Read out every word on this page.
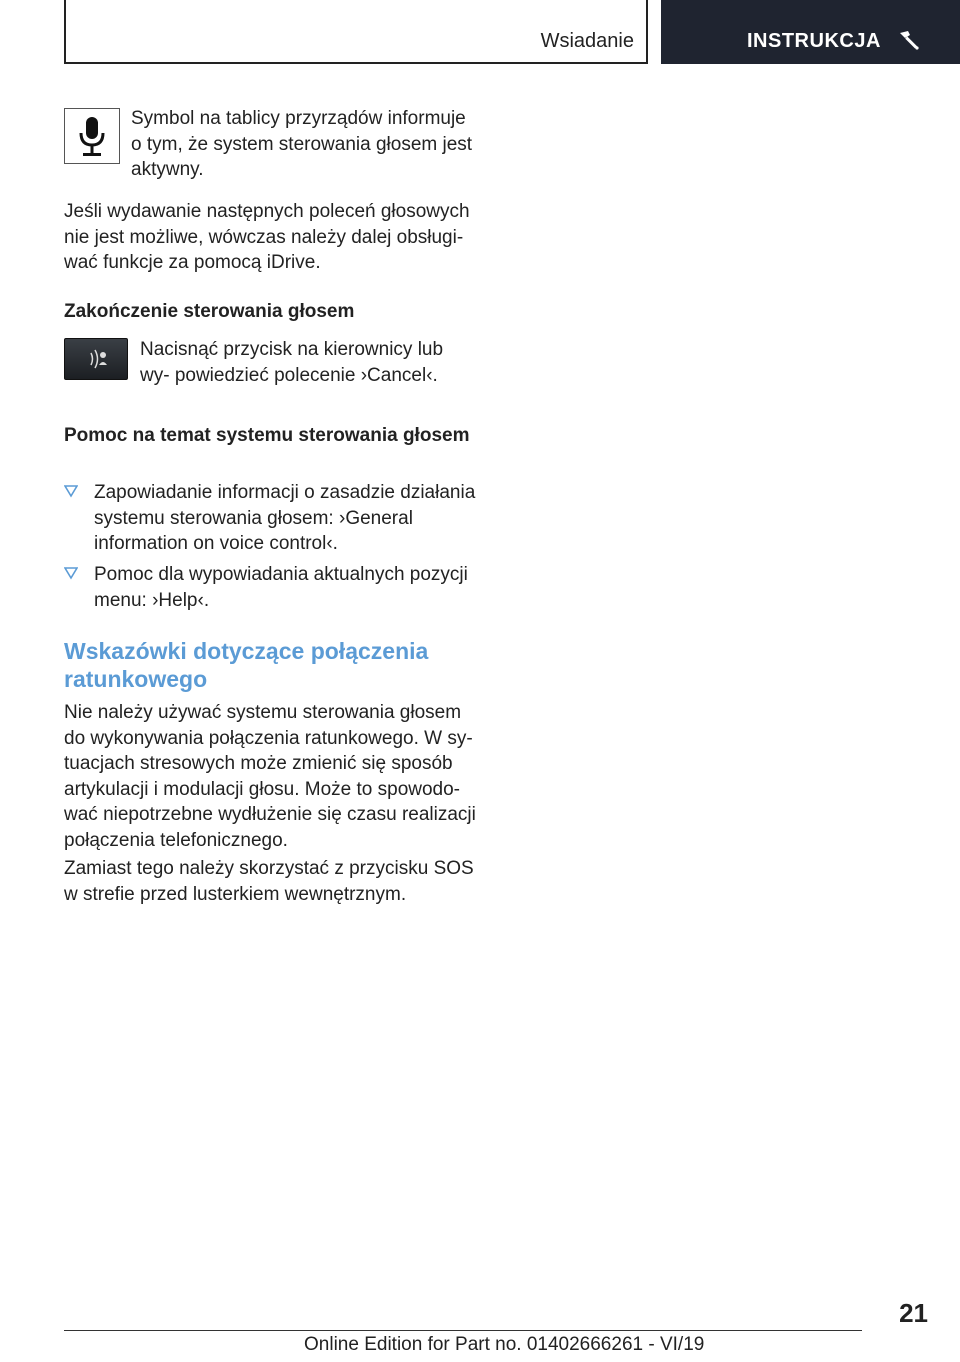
Wsiadanie	INSTRUKCJA

Symbol na tablicy przyrządów informuje o tym, że system sterowania głosem jest aktywny.

Jeśli wydawanie następnych poleceń głosowych nie jest możliwe, wówczas należy dalej obsługi- wać funkcje za pomocą iDrive.

Zakończenie sterowania głosem

Nacisnąć przycisk na kierownicy lub wy- powiedzieć polecenie ›Cancel‹.

Pomoc na temat systemu sterowania głosem

Zapowiadanie informacji o zasadzie działania systemu sterowania głosem: ›General information on voice control‹.

Pomoc dla wypowiadania aktualnych pozycji menu: ›Help‹.

Wskazówki dotyczące połączenia ratunkowego

Nie należy używać systemu sterowania głosem do wykonywania połączenia ratunkowego. W sy- tuacjach stresowych może zmienić się sposób artykulacji i modulacji głosu. Może to spowodo- wać niepotrzebne wydłużenie się czasu realizacji połączenia telefonicznego.

Zamiast tego należy skorzystać z przycisku SOS w strefie przed lusterkiem wewnętrznym.

21
Online Edition for Part no. 01402666261 - VI/19
